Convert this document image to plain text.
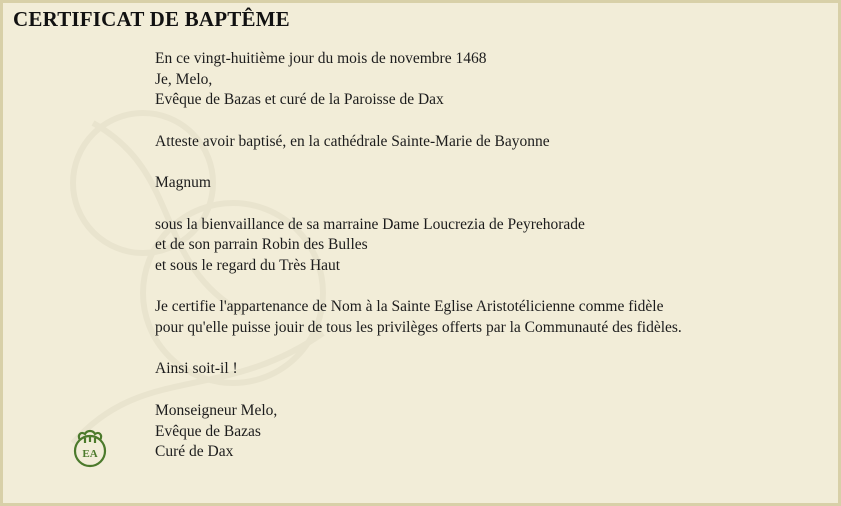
CERTIFICAT DE BAPTÊME

En ce vingt-huitième jour du mois de novembre 1468
Je, Melo,
Evêque de Bazas et curé de la Paroisse de Dax

Atteste avoir baptisé, en la cathédrale Sainte-Marie de Bayonne

Magnum

sous la bienvaillance de sa marraine Dame Loucrezia de Peyrehorade
et de son parrain Robin des Bulles
et sous le regard du Très Haut

Je certifie l'appartenance de Nom à la Sainte Eglise Aristotélicienne comme fidèle
pour qu'elle puisse jouir de tous les privilèges offerts par la Communauté des fidèles.

Ainsi soit-il !

Monseigneur Melo,
Evêque de Bazas
Curé de Dax

EA
